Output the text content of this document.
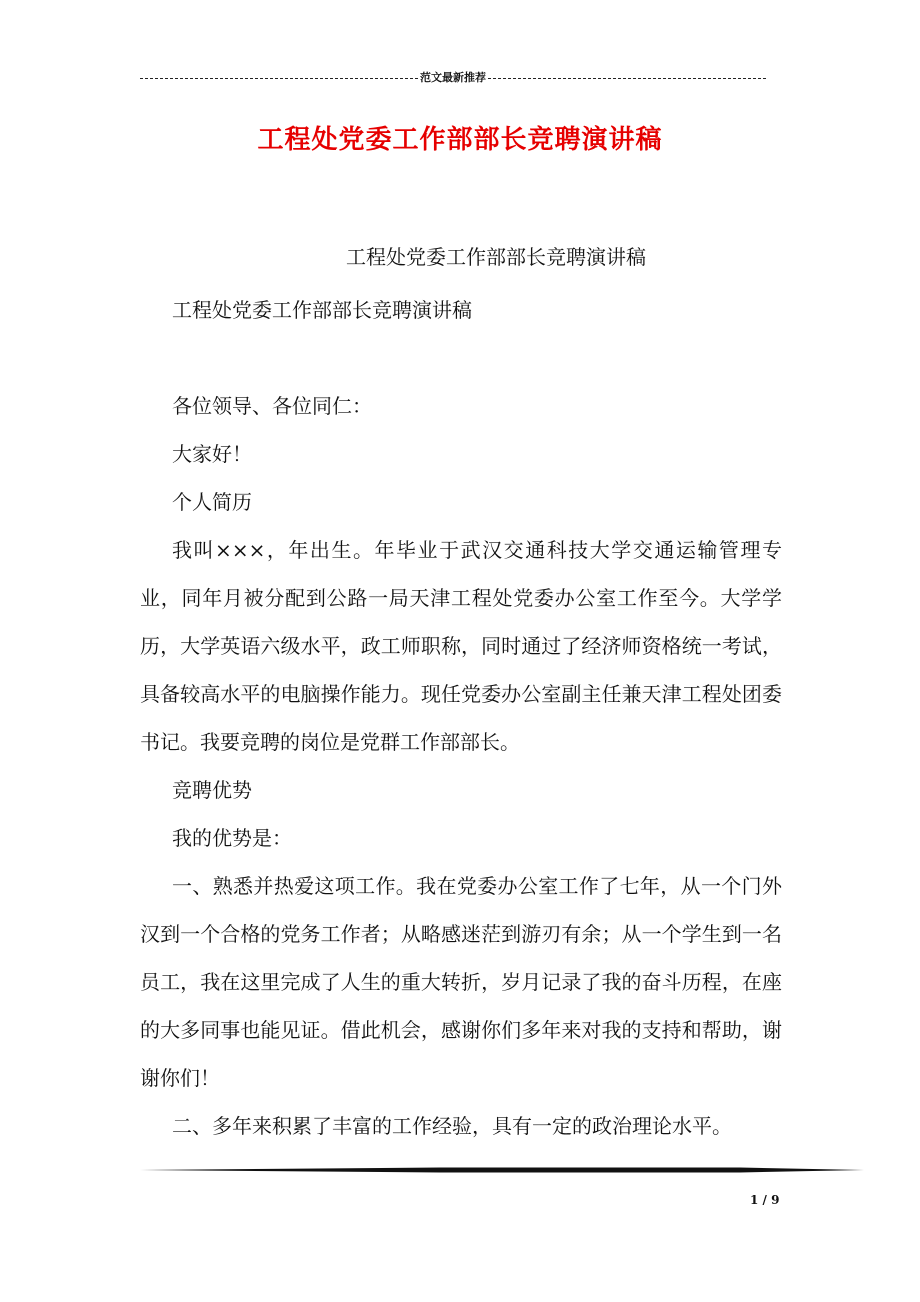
范文最新推荐
工程处党委工作部部长竞聘演讲稿
工程处党委工作部部长竞聘演讲稿

工程处党委工作部部长竞聘演讲稿

各位领导、各位同仁：

大家好！

个人简历

我叫×××，年出生。年毕业于武汉交通科技大学交通运输管理专业，同年月被分配到公路一局天津工程处党委办公室工作至今。大学学历，大学英语六级水平，政工师职称，同时通过了经济师资格统一考试，具备较高水平的电脑操作能力。现任党委办公室副主任兼天津工程处团委书记。我要竞聘的岗位是党群工作部部长。

竞聘优势

我的优势是：

一、熟悉并热爱这项工作。我在党委办公室工作了七年，从一个门外汉到一个合格的党务工作者；从略感迷茫到游刃有余；从一个学生到一名员工，我在这里完成了人生的重大转折，岁月记录了我的奋斗历程，在座的大多同事也能见证。借此机会，感谢你们多年来对我的支持和帮助，谢谢你们！

二、多年来积累了丰富的工作经验，具有一定的政治理论水平。

1 / 9
